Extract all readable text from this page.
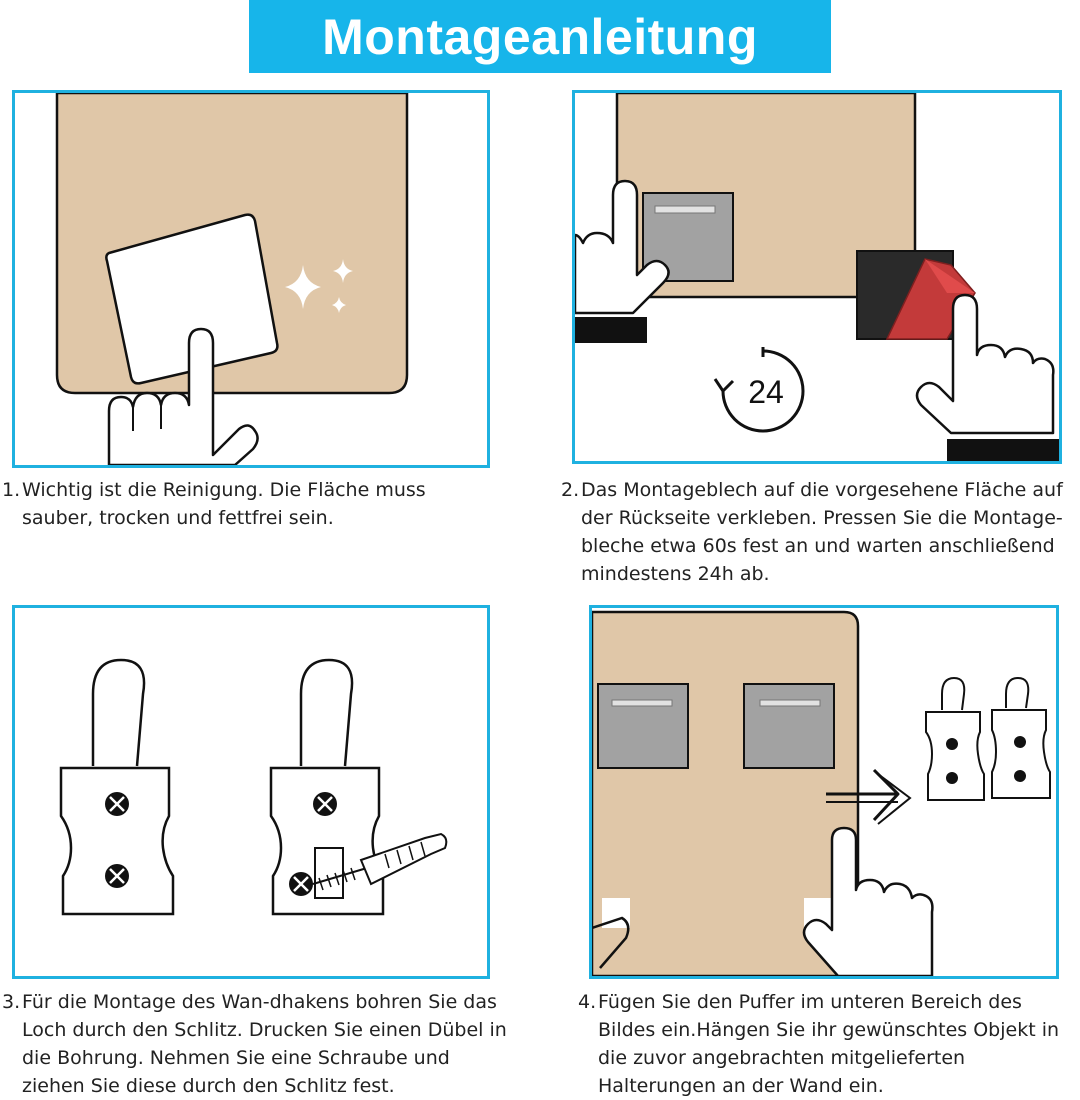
Montageanleitung
24
1. Wichtig ist die Reinigung. Die Fläche muss sauber, trocken und fettfrei sein.
2. Das Montageblech auf die vorgesehene Fläche auf der Rückseite verkleben. Pressen Sie die Montage-bleche etwa 60s fest an und warten anschließend mindestens 24h ab.
3. Für die Montage des Wan-dhakens bohren Sie das Loch durch den Schlitz. Drucken Sie einen Dübel in die Bohrung. Nehmen Sie eine Schraube und ziehen Sie diese durch den Schlitz fest.
4. Fügen Sie den Puffer im unteren Bereich des Bildes ein.Hängen Sie ihr gewünschtes Objekt in die zuvor angebrachten mitgelieferten Halterungen an der Wand ein.
